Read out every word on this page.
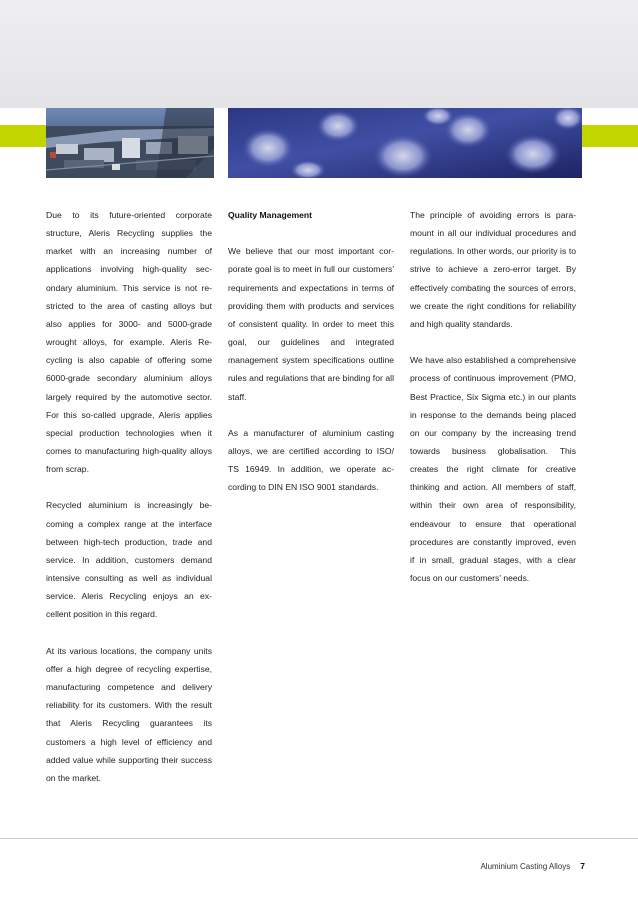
Due to its future-oriented corporate structure, Aleris Recycling supplies the market with an increasing number of applications involving high-quality secondary aluminium. This service is not restricted to the area of casting alloys but also applies for 3000- and 5000-grade wrought alloys, for example. Aleris Recycling is also capable of offering some 6000-grade secondary aluminium alloys largely required by the automotive sector. For this so-called upgrade, Aleris applies special production technologies when it comes to manufacturing high-quality alloys from scrap.

Recycled aluminium is increasingly becoming a complex range at the interface between high-tech production, trade and service. In addition, customers demand intensive consulting as well as individual service. Aleris Recycling enjoys an excellent position in this regard.

At its various locations, the company units offer a high degree of recycling expertise, manufacturing competence and delivery reliability for its customers. With the result that Aleris Recycling guarantees its customers a high level of efficiency and added value while supporting their success on the market.

Quality Management

We believe that our most important corporate goal is to meet in full our customers' requirements and expectations in terms of providing them with products and services of consistent quality. In order to meet this goal, our guidelines and integrated management system specifications outline rules and regulations that are binding for all staff.

As a manufacturer of aluminium casting alloys, we are certified according to ISO/ TS 16949. In addition, we operate according to DIN EN ISO 9001 standards.

The principle of avoiding errors is paramount in all our individual procedures and regulations. In other words, our priority is to strive to achieve a zero-error target. By effectively combating the sources of errors, we create the right conditions for reliability and high quality standards.

We have also established a comprehensive process of continuous improvement (PMO, Best Practice, Six Sigma etc.) in our plants in response to the demands being placed on our company by the increasing trend towards business globalisation. This creates the right climate for creative thinking and action. All members of staff, within their own area of responsibility, endeavour to ensure that operational procedures are constantly improved, even if in small, gradual stages, with a clear focus on our customers' needs.

Aluminium Casting Alloys 7
